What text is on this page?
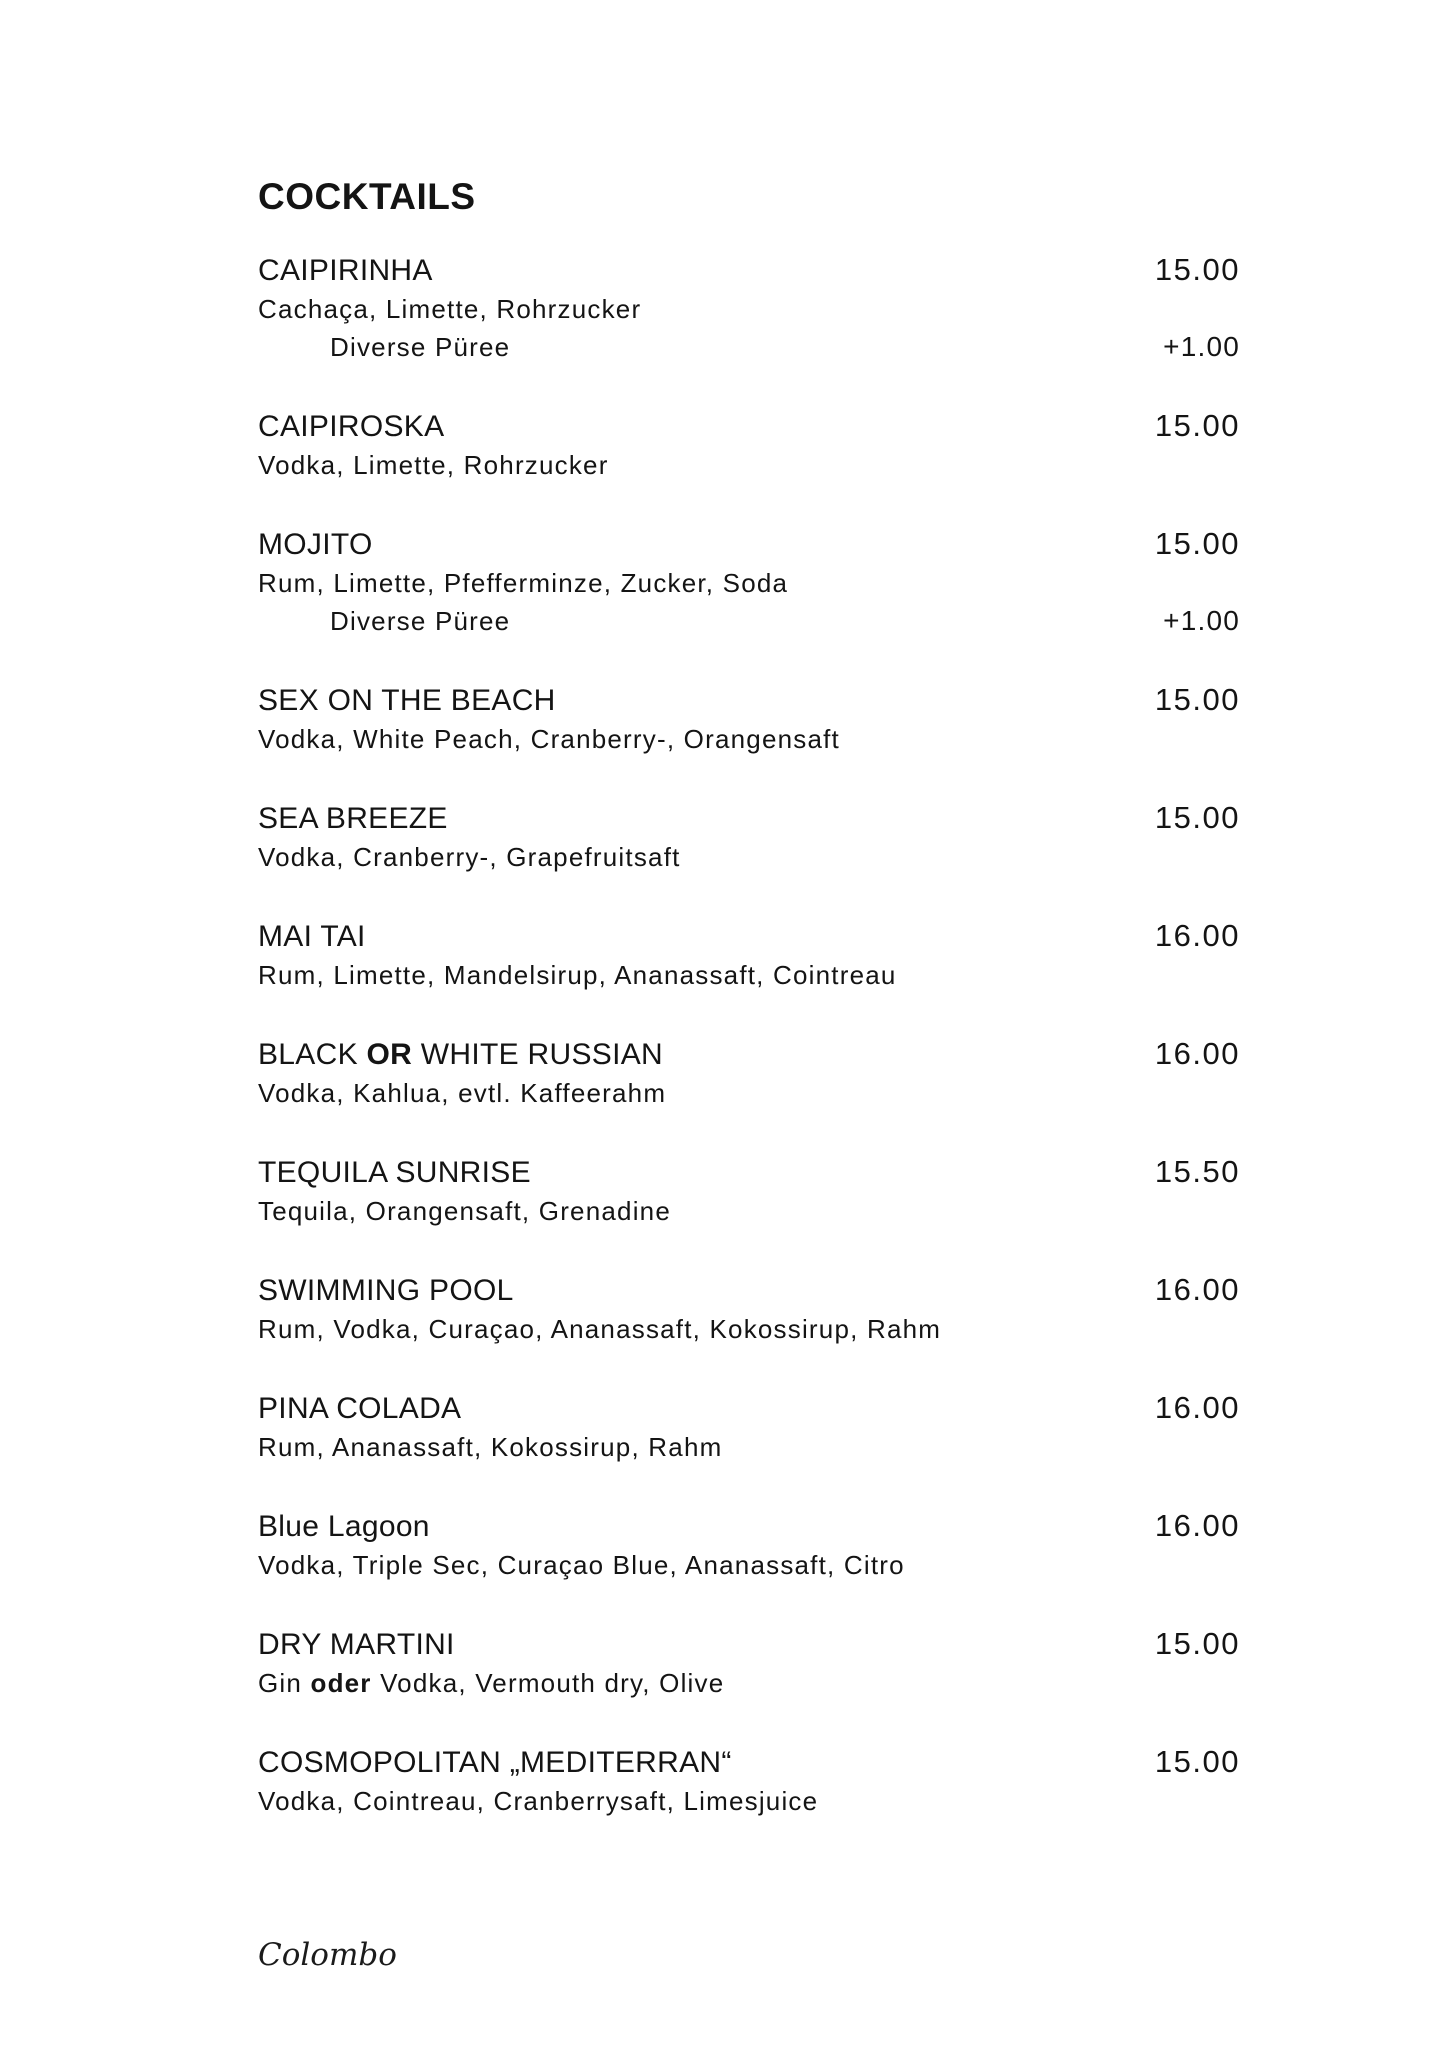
COCKTAILS
CAIPIRINHA	15.00
Cachaça, Limette, Rohrzucker
Diverse Püree	+1.00
CAIPIROSKA	15.00
Vodka, Limette, Rohrzucker
MOJITO	15.00
Rum, Limette, Pfefferminze, Zucker, Soda
Diverse Püree	+1.00
SEX ON THE BEACH	15.00
Vodka, White Peach, Cranberry-, Orangensaft
SEA BREEZE	15.00
Vodka, Cranberry-, Grapefruitsaft
MAI TAI	16.00
Rum, Limette, Mandelsirup, Ananassaft, Cointreau
BLACK OR WHITE RUSSIAN	16.00
Vodka, Kahlua, evtl. Kaffeerahm
TEQUILA SUNRISE	15.50
Tequila, Orangensaft, Grenadine
SWIMMING POOL	16.00
Rum, Vodka, Curaçao, Ananassaft, Kokossirup, Rahm
PINA COLADA	16.00
Rum, Ananassaft, Kokossirup, Rahm
Blue Lagoon	16.00
Vodka, Triple Sec, Curaçao Blue, Ananassaft, Citro
DRY MARTINI	15.00
Gin oder Vodka, Vermouth dry, Olive
COSMOPOLITAN „MEDITERRAN“	15.00
Vodka, Cointreau, Cranberrysaft, Limesjuice
Colombo
